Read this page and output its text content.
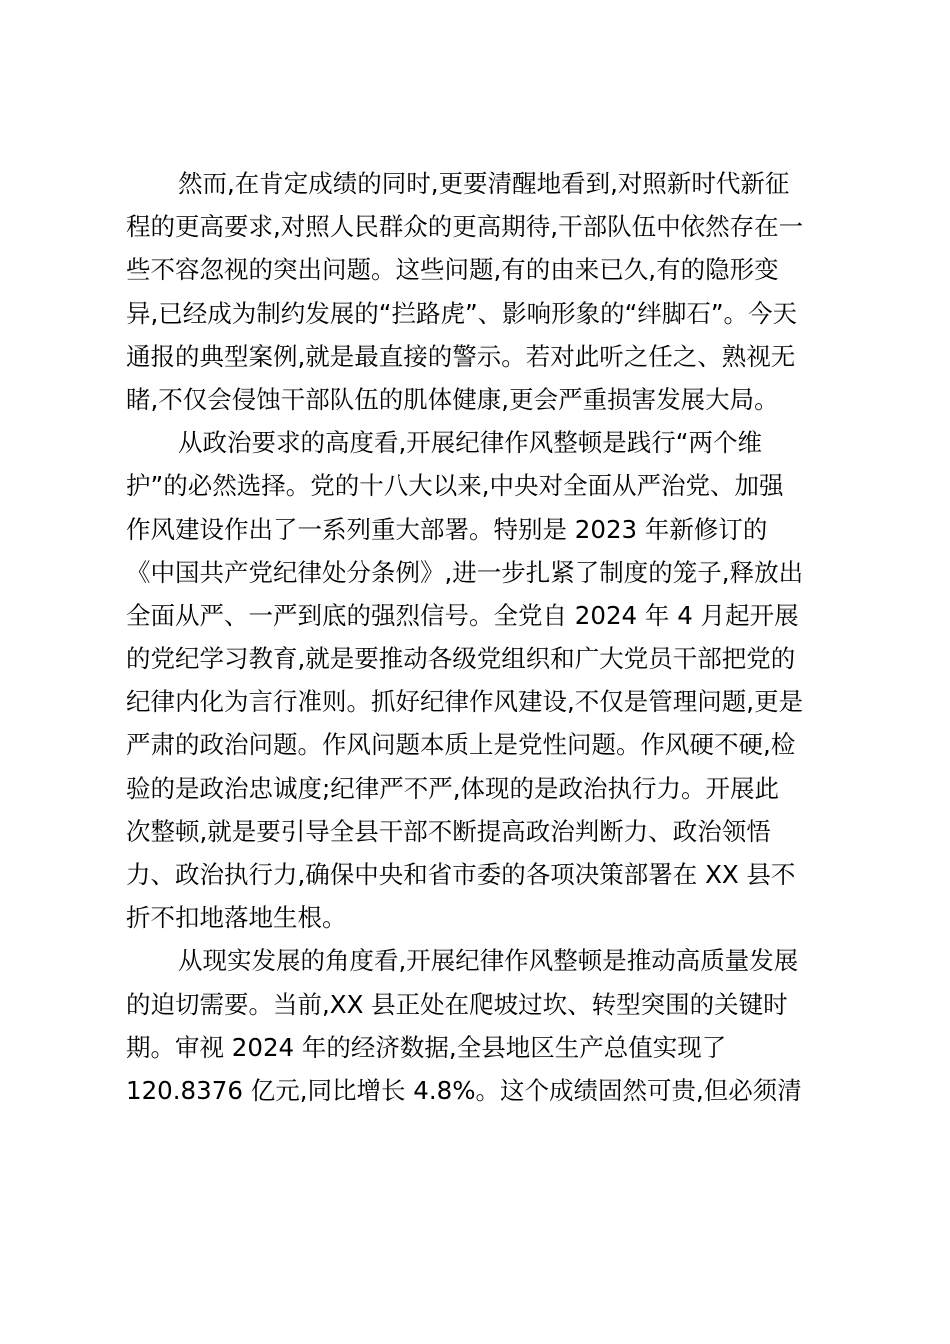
然而,在肯定成绩的同时,更要清醒地看到,对照新时代新征
程的更高要求,对照人民群众的更高期待,干部队伍中依然存在一
些不容忽视的突出问题。这些问题,有的由来已久,有的隐形变
异,已经成为制约发展的“拦路虎”、影响形象的“绊脚石”。今天
通报的典型案例,就是最直接的警示。若对此听之任之、熟视无
睹,不仅会侵蚀干部队伍的肌体健康,更会严重损害发展大局。
从政治要求的高度看,开展纪律作风整顿是践行“两个维
护”的必然选择。党的十八大以来,中央对全面从严治党、加强
作风建设作出了一系列重大部署。特别是 2023 年新修订的
《中国共产党纪律处分条例》,进一步扎紧了制度的笼子,释放出
全面从严、一严到底的强烈信号。全党自 2024 年 4 月起开展
的党纪学习教育,就是要推动各级党组织和广大党员干部把党的
纪律内化为言行准则。抓好纪律作风建设,不仅是管理问题,更是
严肃的政治问题。作风问题本质上是党性问题。作风硬不硬,检
验的是政治忠诚度;纪律严不严,体现的是政治执行力。开展此
次整顿,就是要引导全县干部不断提高政治判断力、政治领悟
力、政治执行力,确保中央和省市委的各项决策部署在 XX 县不
折不扣地落地生根。
从现实发展的角度看,开展纪律作风整顿是推动高质量发展
的迫切需要。当前,XX 县正处在爬坡过坎、转型突围的关键时
期。审视 2024 年的经济数据,全县地区生产总值实现了
120.8376 亿元,同比增长 4.8%。这个成绩固然可贵,但必须清
